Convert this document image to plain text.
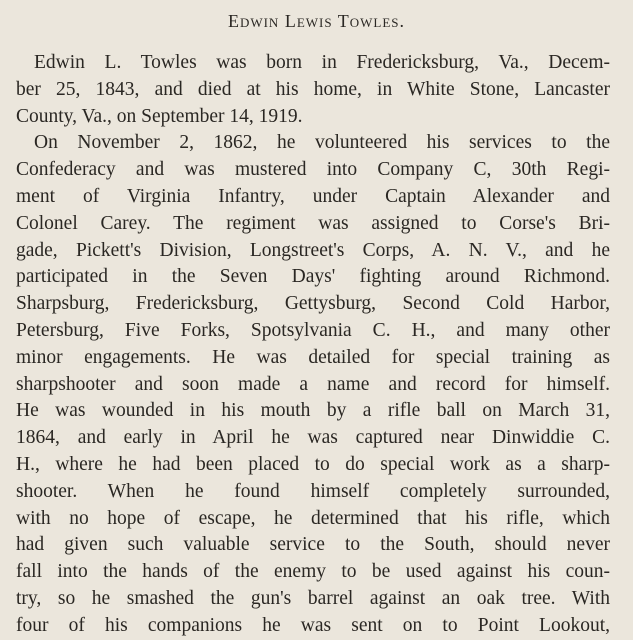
Edwin Lewis Towles.
Edwin L. Towles was born in Fredericksburg, Va., Decem-
ber 25, 1843, and died at his home, in White Stone, Lancaster
County, Va., on September 14, 1919.
On November 2, 1862, he volunteered his services to the
Confederacy and was mustered into Company C, 30th Regi-
ment of Virginia Infantry, under Captain Alexander and
Colonel Carey. The regiment was assigned to Corse's Bri-
gade, Pickett's Division, Longstreet's Corps, A. N. V., and he
participated in the Seven Days' fighting around Richmond.
Sharpsburg, Fredericksburg, Gettysburg, Second Cold Harbor,
Petersburg, Five Forks, Spotsylvania C. H., and many other
minor engagements. He was detailed for special training as
sharpshooter and soon made a name and record for himself.
He was wounded in his mouth by a rifle ball on March 31,
1864, and early in April he was captured near Dinwiddie C.
H., where he had been placed to do special work as a sharp-
shooter. When he found himself completely surrounded,
with no hope of escape, he determined that his rifle, which
had given such valuable service to the South, should never
fall into the hands of the enemy to be used against his coun-
try, so he smashed the gun's barrel against an oak tree. With
four of his companions he was sent on to Point Lookout,
